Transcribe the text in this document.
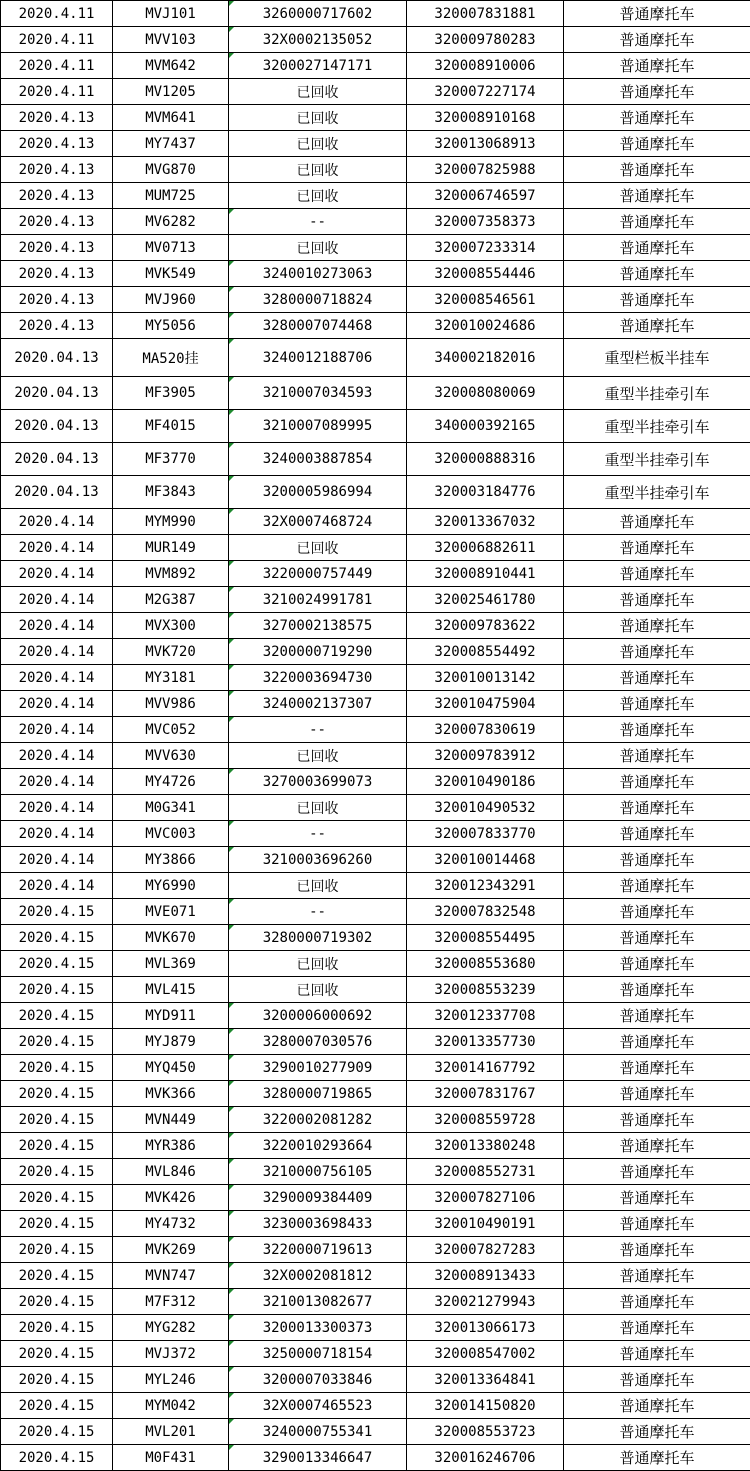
2020.4.11	MVJ101	3260000717602	320007831881	普通摩托车
2020.4.11	MVV103	32X0002135052	320009780283	普通摩托车
2020.4.11	MVM642	3200027147171	320008910006	普通摩托车
2020.4.11	MV1205	已回收	320007227174	普通摩托车
2020.4.13	MVM641	已回收	320008910168	普通摩托车
2020.4.13	MY7437	已回收	320013068913	普通摩托车
2020.4.13	MVG870	已回收	320007825988	普通摩托车
2020.4.13	MUM725	已回收	320006746597	普通摩托车
2020.4.13	MV6282	--	320007358373	普通摩托车
2020.4.13	MV0713	已回收	320007233314	普通摩托车
2020.4.13	MVK549	3240010273063	320008554446	普通摩托车
2020.4.13	MVJ960	3280000718824	320008546561	普通摩托车
2020.4.13	MY5056	3280007074468	320010024686	普通摩托车
2020.04.13	MA520挂	3240012188706	340002182016	重型栏板半挂车
2020.04.13	MF3905	3210007034593	320008080069	重型半挂牵引车
2020.04.13	MF4015	3210007089995	340000392165	重型半挂牵引车
2020.04.13	MF3770	3240003887854	320000888316	重型半挂牵引车
2020.04.13	MF3843	3200005986994	320003184776	重型半挂牵引车
2020.4.14	MYM990	32X0007468724	320013367032	普通摩托车
2020.4.14	MUR149	已回收	320006882611	普通摩托车
2020.4.14	MVM892	3220000757449	320008910441	普通摩托车
2020.4.14	M2G387	3210024991781	320025461780	普通摩托车
2020.4.14	MVX300	3270002138575	320009783622	普通摩托车
2020.4.14	MVK720	3200000719290	320008554492	普通摩托车
2020.4.14	MY3181	3220003694730	320010013142	普通摩托车
2020.4.14	MVV986	3240002137307	320010475904	普通摩托车
2020.4.14	MVC052	--	320007830619	普通摩托车
2020.4.14	MVV630	已回收	320009783912	普通摩托车
2020.4.14	MY4726	3270003699073	320010490186	普通摩托车
2020.4.14	M0G341	已回收	320010490532	普通摩托车
2020.4.14	MVC003	--	320007833770	普通摩托车
2020.4.14	MY3866	3210003696260	320010014468	普通摩托车
2020.4.14	MY6990	已回收	320012343291	普通摩托车
2020.4.15	MVE071	--	320007832548	普通摩托车
2020.4.15	MVK670	3280000719302	320008554495	普通摩托车
2020.4.15	MVL369	已回收	320008553680	普通摩托车
2020.4.15	MVL415	已回收	320008553239	普通摩托车
2020.4.15	MYD911	3200006000692	320012337708	普通摩托车
2020.4.15	MYJ879	3280007030576	320013357730	普通摩托车
2020.4.15	MYQ450	3290010277909	320014167792	普通摩托车
2020.4.15	MVK366	3280000719865	320007831767	普通摩托车
2020.4.15	MVN449	3220002081282	320008559728	普通摩托车
2020.4.15	MYR386	3220010293664	320013380248	普通摩托车
2020.4.15	MVL846	3210000756105	320008552731	普通摩托车
2020.4.15	MVK426	3290009384409	320007827106	普通摩托车
2020.4.15	MY4732	3230003698433	320010490191	普通摩托车
2020.4.15	MVK269	3220000719613	320007827283	普通摩托车
2020.4.15	MVN747	32X0002081812	320008913433	普通摩托车
2020.4.15	M7F312	3210013082677	320021279943	普通摩托车
2020.4.15	MYG282	3200013300373	320013066173	普通摩托车
2020.4.15	MVJ372	3250000718154	320008547002	普通摩托车
2020.4.15	MYL246	3200007033846	320013364841	普通摩托车
2020.4.15	MYM042	32X0007465523	320014150820	普通摩托车
2020.4.15	MVL201	3240000755341	320008553723	普通摩托车
2020.4.15	M0F431	3290013346647	320016246706	普通摩托车
